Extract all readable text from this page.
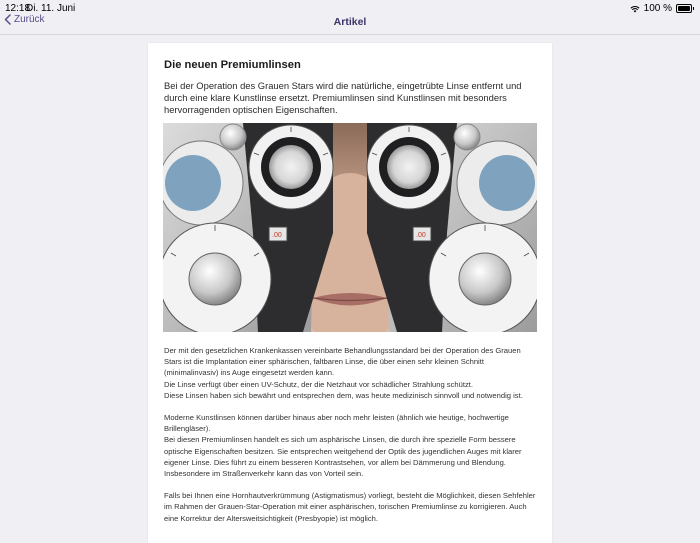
12:18
Di. 11. Juni	100 %
Zurück	Artikel
Die neuen Premiumlinsen
Bei der Operation des Grauen Stars wird die natürliche, eingetrübte Linse entfernt und durch eine klare Kunstlinse ersetzt. Premiumlinsen sind Kunstlinsen mit besonders hervorragenden optischen Eigenschaften.
.00	.00

Der mit den gesetzlichen Krankenkassen vereinbarte Behandlungsstandard bei der Operation des Grauen Stars ist die Implantation einer sphärischen, faltbaren Linse, die über einen sehr kleinen Schnitt (minimalinvasiv) ins Auge eingesetzt werden kann.
Die Linse verfügt über einen UV-Schutz, der die Netzhaut vor schädlicher Strahlung schützt.
Diese Linsen haben sich bewährt und entsprechen dem, was heute medizinisch sinnvoll und notwendig ist.

Moderne Kunstlinsen können darüber hinaus aber noch mehr leisten (ähnlich wie heutige, hochwertige Brillengläser).
Bei diesen Premiumlinsen handelt es sich um asphärische Linsen, die durch ihre spezielle Form bessere optische Eigenschaften besitzen. Sie entsprechen weitgehend der Optik des jugendlichen Auges mit klarer eigener Linse. Dies führt zu einem besseren Kontrastsehen, vor allem bei Dämmerung und Blendung. Insbesondere im Straßenverkehr kann das von Vorteil sein.

Falls bei Ihnen eine Hornhautverkrümmung (Astigmatismus) vorliegt, besteht die Möglichkeit, diesen Sehfehler im Rahmen der Grauen-Star-Operation mit einer asphärischen, torischen Premiumlinse zu korrigieren. Auch eine Korrektur der Altersweitsichtigkeit (Presbyopie) ist möglich.
